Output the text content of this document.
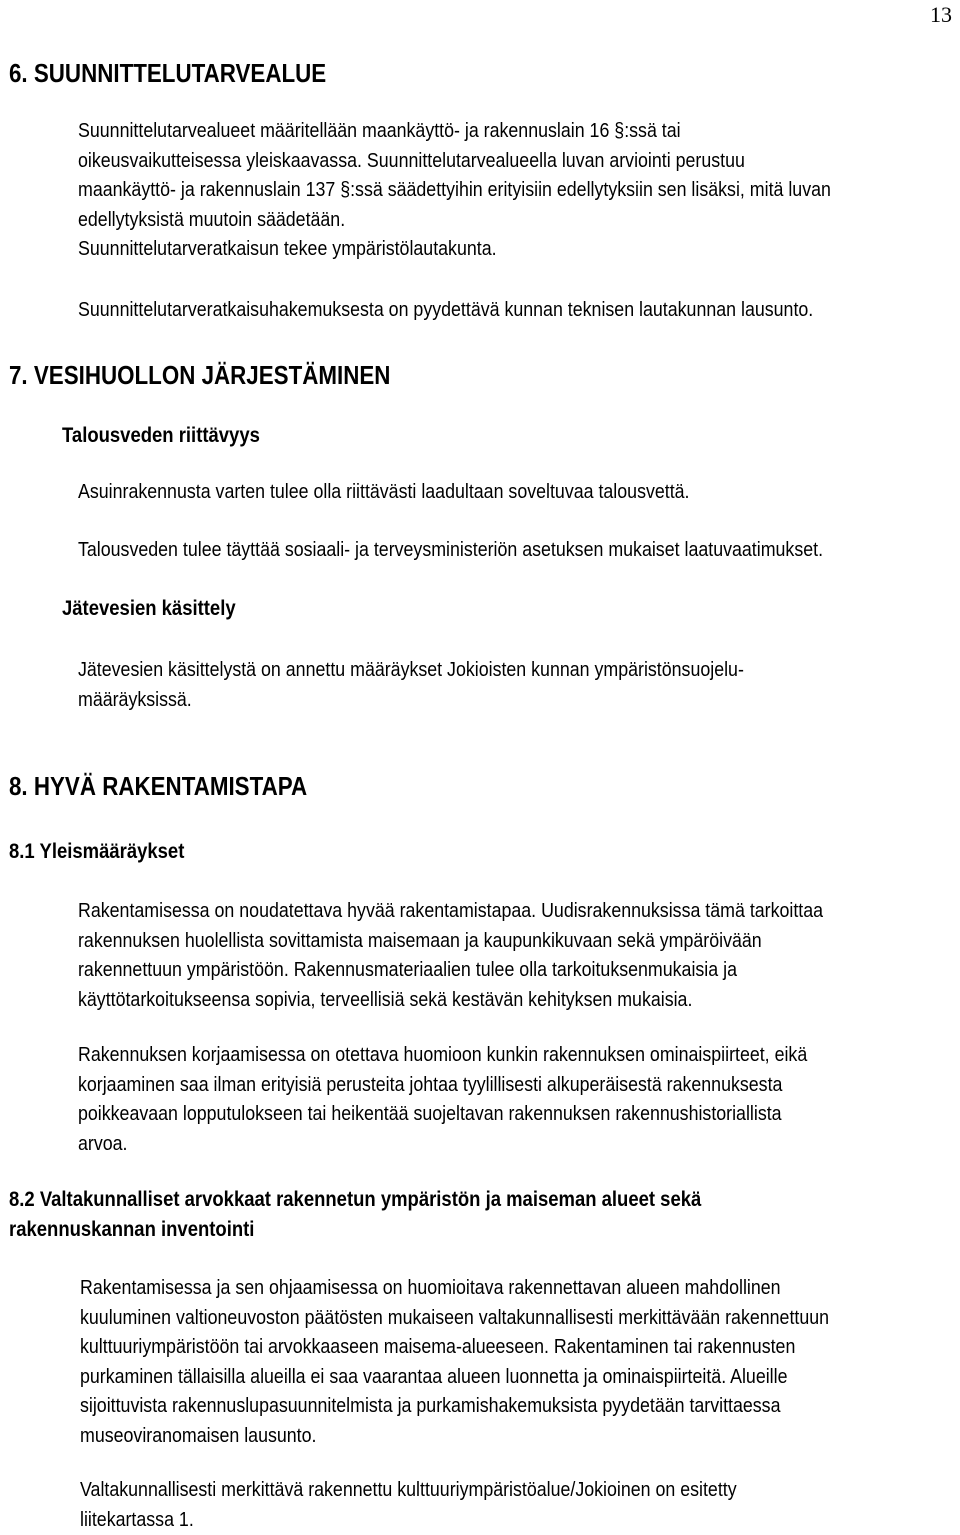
13
6. SUUNNITTELUTARVEALUE
Suunnittelutarvealueet määritellään maankäyttö- ja rakennuslain 16 §:ssä tai
oikeusvaikutteisessa yleiskaavassa. Suunnittelutarvealueella luvan arviointi perustuu
maankäyttö- ja rakennuslain 137 §:ssä säädettyihin erityisiin edellytyksiin sen lisäksi, mitä luvan
edellytyksistä muutoin säädetään.
Suunnittelutarveratkaisun tekee ympäristölautakunta.
Suunnittelutarveratkaisuhakemuksesta on pyydettävä kunnan teknisen lautakunnan lausunto.
7. VESIHUOLLON JÄRJESTÄMINEN
Talousveden riittävyys
Asuinrakennusta varten tulee olla riittävästi laadultaan soveltuvaa talousvettä.
Talousveden tulee täyttää sosiaali- ja terveysministeriön asetuksen mukaiset laatuvaatimukset.
Jätevesien käsittely
Jätevesien käsittelystä on annettu määräykset Jokioisten kunnan ympäristönsuojelu-
määräyksissä.
8. HYVÄ RAKENTAMISTAPA
8.1 Yleismääräykset
Rakentamisessa on noudatettava hyvää rakentamistapaa. Uudisrakennuksissa tämä tarkoittaa
rakennuksen huolellista sovittamista maisemaan ja kaupunkikuvaan sekä ympäröivään
rakennettuun ympäristöön. Rakennusmateriaalien tulee olla tarkoituksenmukaisia ja
käyttötarkoitukseensa sopivia, terveellisiä sekä kestävän kehityksen mukaisia.
Rakennuksen korjaamisessa on otettava huomioon kunkin rakennuksen ominaispiirteet, eikä
korjaaminen saa ilman erityisiä perusteita johtaa tyylillisesti alkuperäisestä rakennuksesta
poikkeavaan lopputulokseen tai heikentää suojeltavan rakennuksen rakennushistoriallista
arvoa.
8.2 Valtakunnalliset arvokkaat rakennetun ympäristön ja maiseman alueet sekä
rakennuskannan inventointi
Rakentamisessa ja sen ohjaamisessa on huomioitava rakennettavan alueen mahdollinen
kuuluminen valtioneuvoston päätösten mukaiseen valtakunnallisesti merkittävään rakennettuun
kulttuuriympäristöön tai arvokkaaseen maisema-alueeseen. Rakentaminen tai rakennusten
purkaminen tällaisilla alueilla ei saa vaarantaa alueen luonnetta ja ominaispiirteitä. Alueille
sijoittuvista rakennuslupasuunnitelmista ja purkamishakemuksista pyydetään tarvittaessa
museoviranomaisen lausunto.
Valtakunnallisesti merkittävä rakennettu kulttuuriympäristöalue/Jokioinen on esitetty
liitekartassa 1.
